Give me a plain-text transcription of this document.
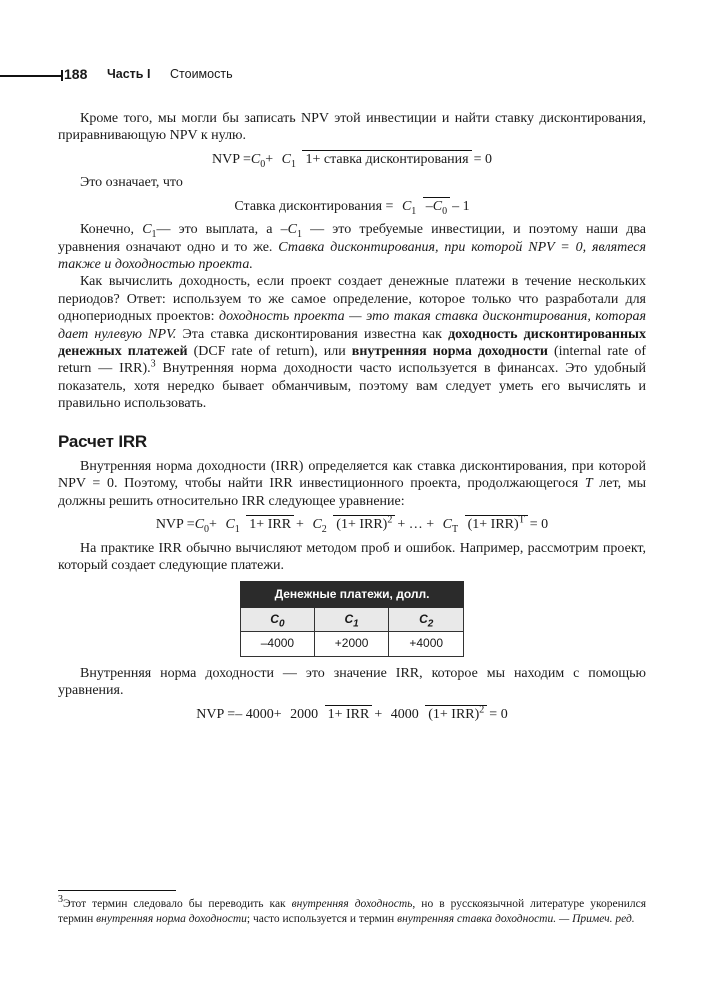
188 Часть I Стоимость

Кроме того, мы могли бы записать NPV этой инвестиции и найти ставку дисконтирования, приравнивающую NPV к нулю.

NVP $=C_0+ C_1$ 1+ ставка дисконтирования= 0

Это означает, что

Ставка дисконтирования = $C_1$ $-C_0-$ 1

Конечно, $C_1—$ это выплата, а $-C_1$ — это требуемые инвестиции, и поэтому наши два уравнения означают одно и то же. Ставка дисконтирования, при которой NPV = 0, являтеся также и доходностью проекта.

Как вычислить доходность, если проект создает денежные платежи в течение нескольких периодов? Ответ: используем то же самое определение, которое только что разработали для однопериодных проектов: доходность проекта — это такая ставка дисконтирования, которая дает нулевую NPV. Эта ставка дисконтирования известна как доходность дисконтированных денежных платежей (DCF rate of return), или внутренняя норма доходности (internal rate of return — IRR).$^3$ Внутренняя норма доходности часто используется в финансах. Это удобный показатель, хотя нередко бывает обманчивым, поэтому вам следует уметь его вычислять и правильно использовать.

Расчет IRR

Внутренняя норма доходности (IRR) определяется как ставка дисконтирования, при которой NPV = 0. Поэтому, чтобы найти IRR инвестиционного проекта, продолжающегося T лет, мы должны решить относительно IRR следующее уравнение:

NVP $=C_0+ C_1$ $1+ IRR+ C_2$ (1+ IRR)$^2$+ … + $C_T$ (1+ IRR)$^T$= 0

На практике IRR обычно вычисляют методом проб и ошибок. Например, рассмотрим проект, который создает следующие платежи.

Денежные платежи, долл.		
$C_0$	$C_1$	$C_2$
–4000	+2000	+4000

Внутренняя норма доходности — это значение IRR, которое мы находим с помощью уравнения.

NVP =– 4000+ 2000 1+ IRR+ 4000 (1+ IRR)$^2$= 0
$^3$Этот термин следовало бы переводить как внутренняя доходность, но в русскоязычной литературе укоренился термин внутренняя норма доходности; часто используется и термин внутренняя ставка доходности. — Примеч. ред.
